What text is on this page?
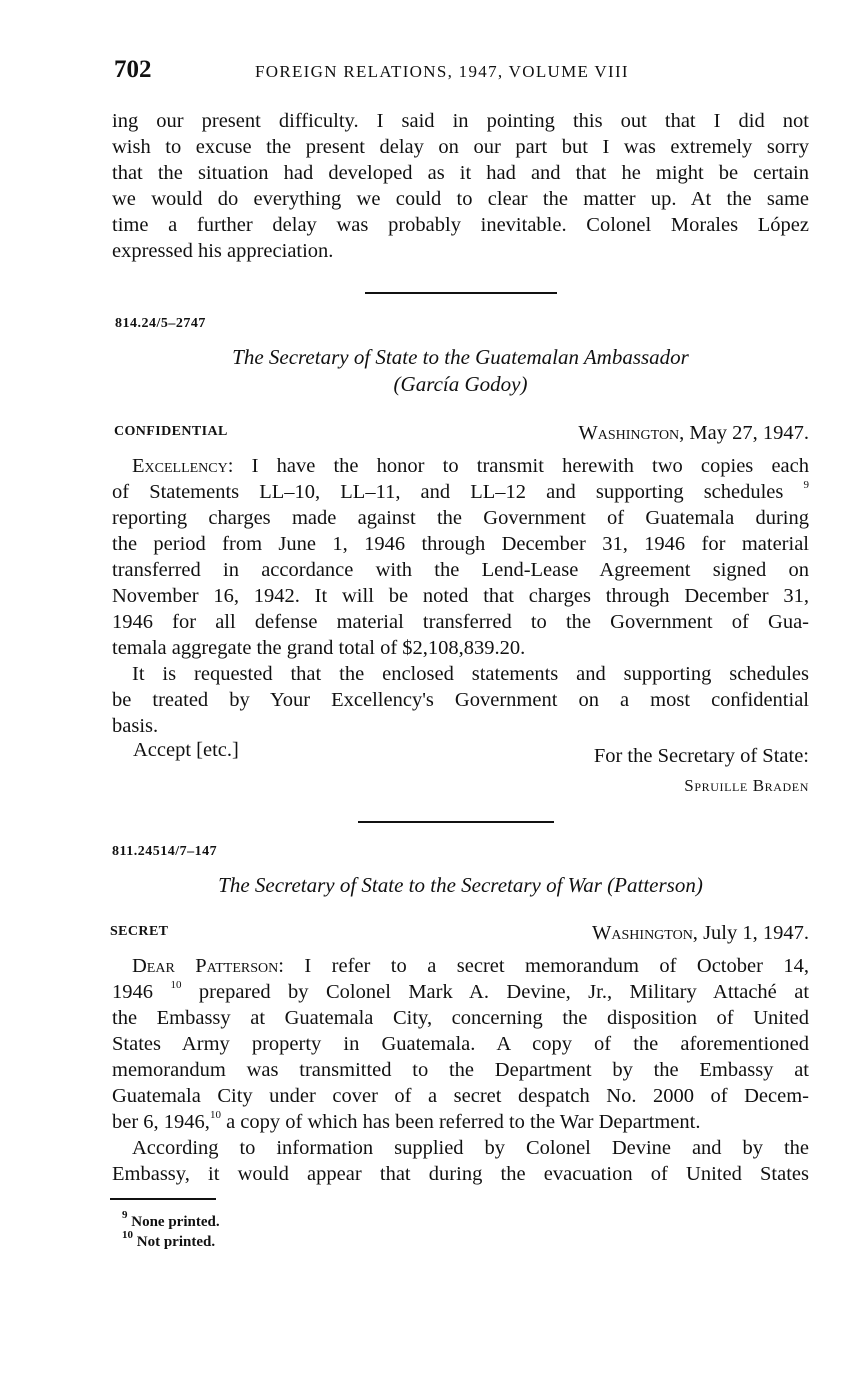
702	FOREIGN RELATIONS, 1947, VOLUME VIII
ing our present difficulty. I said in pointing this out that I did not
wish to excuse the present delay on our part but I was extremely sorry
that the situation had developed as it had and that he might be certain
we would do everything we could to clear the matter up. At the same
time a further delay was probably inevitable. Colonel Morales López
expressed his appreciation.
814.24/5–2747
The Secretary of State to the Guatemalan Ambassador
(García Godoy)
CONFIDENTIAL	Washington, May 27, 1947.
Excellency: I have the honor to transmit herewith two copies each
of Statements LL–10, LL–11, and LL–12 and supporting schedules $^9$
reporting charges made against the Government of Guatemala during
the period from June 1, 1946 through December 31, 1946 for material
transferred in accordance with the Lend-Lease Agreement signed on
November 16, 1942. It will be noted that charges through December 31,
1946 for all defense material transferred to the Government of Gua-
temala aggregate the grand total of $2,108,839.20.
It is requested that the enclosed statements and supporting schedules
be treated by Your Excellency's Government on a most confidential
basis.
Accept [etc.]	For the Secretary of State:
Spruille Braden
811.24514/7–147
The Secretary of State to the Secretary of War (Patterson)
SECRET	Washington, July 1, 1947.
Dear Patterson: I refer to a secret memorandum of October 14,
1946 $^{10}$ prepared by Colonel Mark A. Devine, Jr., Military Attaché at
the Embassy at Guatemala City, concerning the disposition of United
States Army property in Guatemala. A copy of the aforementioned
memorandum was transmitted to the Department by the Embassy at
Guatemala City under cover of a secret despatch No. 2000 of Decem-
ber 6, 1946,10 a copy of which has been referred to the War Department.
According to information supplied by Colonel Devine and by the
Embassy, it would appear that during the evacuation of United States
$^9$ None printed.
$^{10}$ Not printed.
